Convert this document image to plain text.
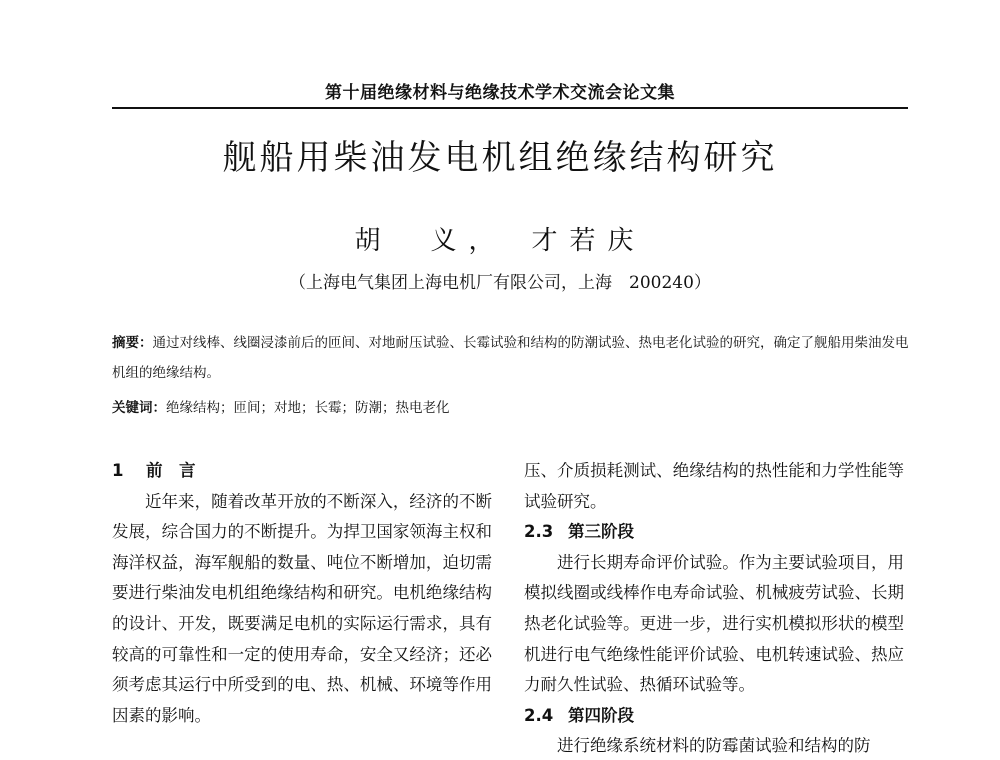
第十届绝缘材料与绝缘技术学术交流会论文集
舰船用柴油发电机组绝缘结构研究
胡　义，　才若庆
（上海电气集团上海电机厂有限公司，上海　200240）
摘要：通过对线棒、线圈浸漆前后的匝间、对地耐压试验、长霉试验和结构的防潮试验、热电老化试验的研究，确定了舰船用柴油发电机组的绝缘结构。
关键词：绝缘结构；匝间；对地；长霉；防潮；热电老化
1 前　言

近年来，随着改革开放的不断深入，经济的不断发展，综合国力的不断提升。为捍卫国家领海主权和海洋权益，海军舰船的数量、吨位不断增加，迫切需要进行柴油发电机组绝缘结构和研究。电机绝缘结构的设计、开发，既要满足电机的实际运行需求，具有较高的可靠性和一定的使用寿命，安全又经济；还必须考虑其运行中所受到的电、热、机械、环境等作用因素的影响。

压、介质损耗测试、绝缘结构的热性能和力学性能等试验研究。

2.3 第三阶段

进行长期寿命评价试验。作为主要试验项目，用模拟线圈或线棒作电寿命试验、机械疲劳试验、长期热老化试验等。更进一步，进行实机模拟形状的模型机进行电气绝缘性能评价试验、电机转速试验、热应力耐久性试验、热循环试验等。

2.4 第四阶段

进行绝缘系统材料的防霉菌试验和结构的防
